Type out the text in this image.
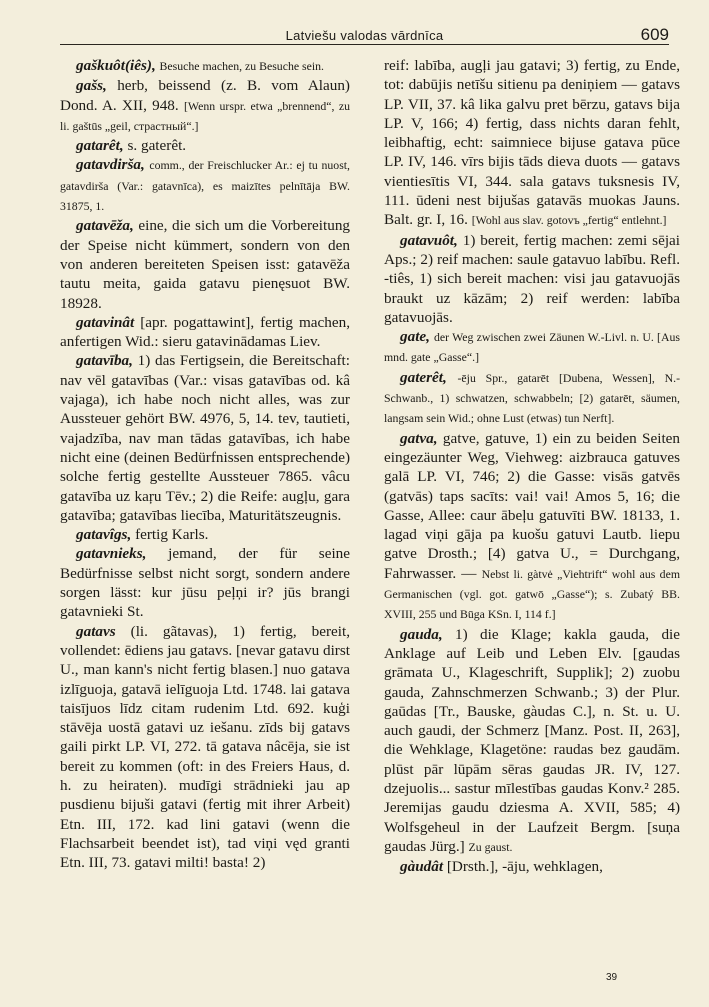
Latviešu valodas vārdnīca	609

gaškuôt(iês), Besuche machen, zu Besuche sein.

gašs, herb, beissend (z. B. vom Alaun) Dond. A. XII, 948. [Wenn urspr. etwa „brennend“, zu li. gaštūs „geil, страстный“.]

gatarêt, s. gaterêt.

gatavdirša, comm., der Freischlucker Ar.: ej tu nuost, gatavdirša (Var.: gatavnīca), es maizītes pelnītāja BW. 31875, 1.

gatavēža, eine, die sich um die Vorbereitung der Speise nicht kümmert, sondern von den von anderen bereiteten Speisen isst: gatavēža tautu meita, gaida gatavu pienęsuot BW. 18928.

gatavinât [apr. pogattawint], fertig machen, anfertigen Wid.: sieru gatavinādamas Liev.

gatavība, 1) das Fertigsein, die Bereitschaft: nav vēl gatavības (Var.: visas gatavības od. kâ vajaga), ich habe noch nicht alles, was zur Aussteuer gehört BW. 4976, 5, 14. tev, tautieti, vajadzība, nav man tādas gatavības, ich habe nicht eine (deinen Bedürfnissen entsprechende) solche fertig gestellte Aussteuer 7865. vâcu gatavība uz kaŗu Tēv.; 2) die Reife: augļu, gara gatavība; gatavības liecība, Maturitätszeugnis.

gatavîgs, fertig Karls.

gatavnieks, jemand, der für seine Bedürfnisse selbst nicht sorgt, sondern andere sorgen lässt: kur jūsu peļņi ir? jūs brangi gatavnieki St.

gatavs (li. gãtavas), 1) fertig, bereit, vollendet: ēdiens jau gatavs. [nevar gatavu dirst U., man kann's nicht fertig blasen.] nuo gatava izlīguoja, gatavā ielīguoja Ltd. 1748. lai gatava taisījuos līdz citam rudenim Ltd. 692. kuģi stāvēja uostā gatavi uz iešanu. zīds bij gatavs gaili pirkt LP. VI, 272. tā gatava nâcēja, sie ist bereit zu kommen (oft: in des Freiers Haus, d. h. zu heiraten). mudīgi strādnieki jau ap pusdienu bijuši gatavi (fertig mit ihrer Arbeit) Etn. III, 172. kad lini gatavi (wenn die Flachsarbeit beendet ist), tad viņi vęd granti Etn. III, 73. gatavi milti! basta! 2)

reif: labība, augļi jau gatavi; 3) fertig, zu Ende, tot: dabūjis netīšu sitienu pa deniņiem — gatavs LP. VII, 37. kâ lika galvu pret bērzu, gatavs bija LP. V, 166; 4) fertig, dass nichts daran fehlt, leibhaftig, echt: saimniece bijuse gatava pūce LP. IV, 146. vīrs bijis tāds dieva duots — gatavs vientiesītis VI, 344. sala gatavs tuksnesis IV, 111. ūdeni nest bijušas gatavās muokas Jauns. Balt. gr. I, 16. [Wohl aus slav. gotovъ „fertig“ entlehnt.]

gatavuôt, 1) bereit, fertig machen: zemi sējai Aps.; 2) reif machen: saule gatavuo labību. Refl. -tiês, 1) sich bereit machen: visi jau gatavuojās braukt uz kāzām; 2) reif werden: labība gatavuojās.

gate, der Weg zwischen zwei Zäunen W.-Livl. n. U. [Aus mnd. gate „Gasse“.]

gaterêt, -ēju Spr., gatarēt [Dubena, Wessen], N.-Schwanb., 1) schwatzen, schwabbeln; [2) gatarēt, säumen, langsam sein Wid.; ohne Lust (etwas) tun Nerft].

gatva, gatve, gatuve, 1) ein zu beiden Seiten eingezäunter Weg, Viehweg: aizbrauca gatuves galā LP. VI, 746; 2) die Gasse: visās gatvēs (gatvās) taps sacīts: vai! vai! Amos 5, 16; die Gasse, Allee: caur ābeļu gatuvīti BW. 18133, 1. lagad viņi gāja pa kuošu gatuvi Lautb. liepu gatve Drosth.; [4) gatva U., = Durchgang, Fahrwasser. — Nebst li. gàtvė „Viehtrift“ wohl aus dem Germanischen (vgl. got. gatwō „Gasse“); s. Zubatý BB. XVIII, 255 und Būga KSn. I, 114 f.]

gauda, 1) die Klage; kakla gauda, die Anklage auf Leib und Leben Elv. [gaudas grāmata U., Klageschrift, Supplik]; 2) zuobu gauda, Zahnschmerzen Schwanb.; 3) der Plur. gaūdas [Tr., Bauske, gàudas C.], n. St. u. U. auch gaudi, der Schmerz [Manz. Post. II, 263], die Wehklage, Klagetöne: raudas bez gaudām. plūst pār lūpām sēras gaudas JR. IV, 127. dzejuolis... sastur mīlestības gaudas Konv.² 285. Jeremijas gaudu dziesma A. XVII, 585; 4) Wolfsgeheul in der Laufzeit Bergm. [suņa gaudas Jürg.] Zu gaust.

gàudât [Drsth.], -āju, wehklagen,

39
